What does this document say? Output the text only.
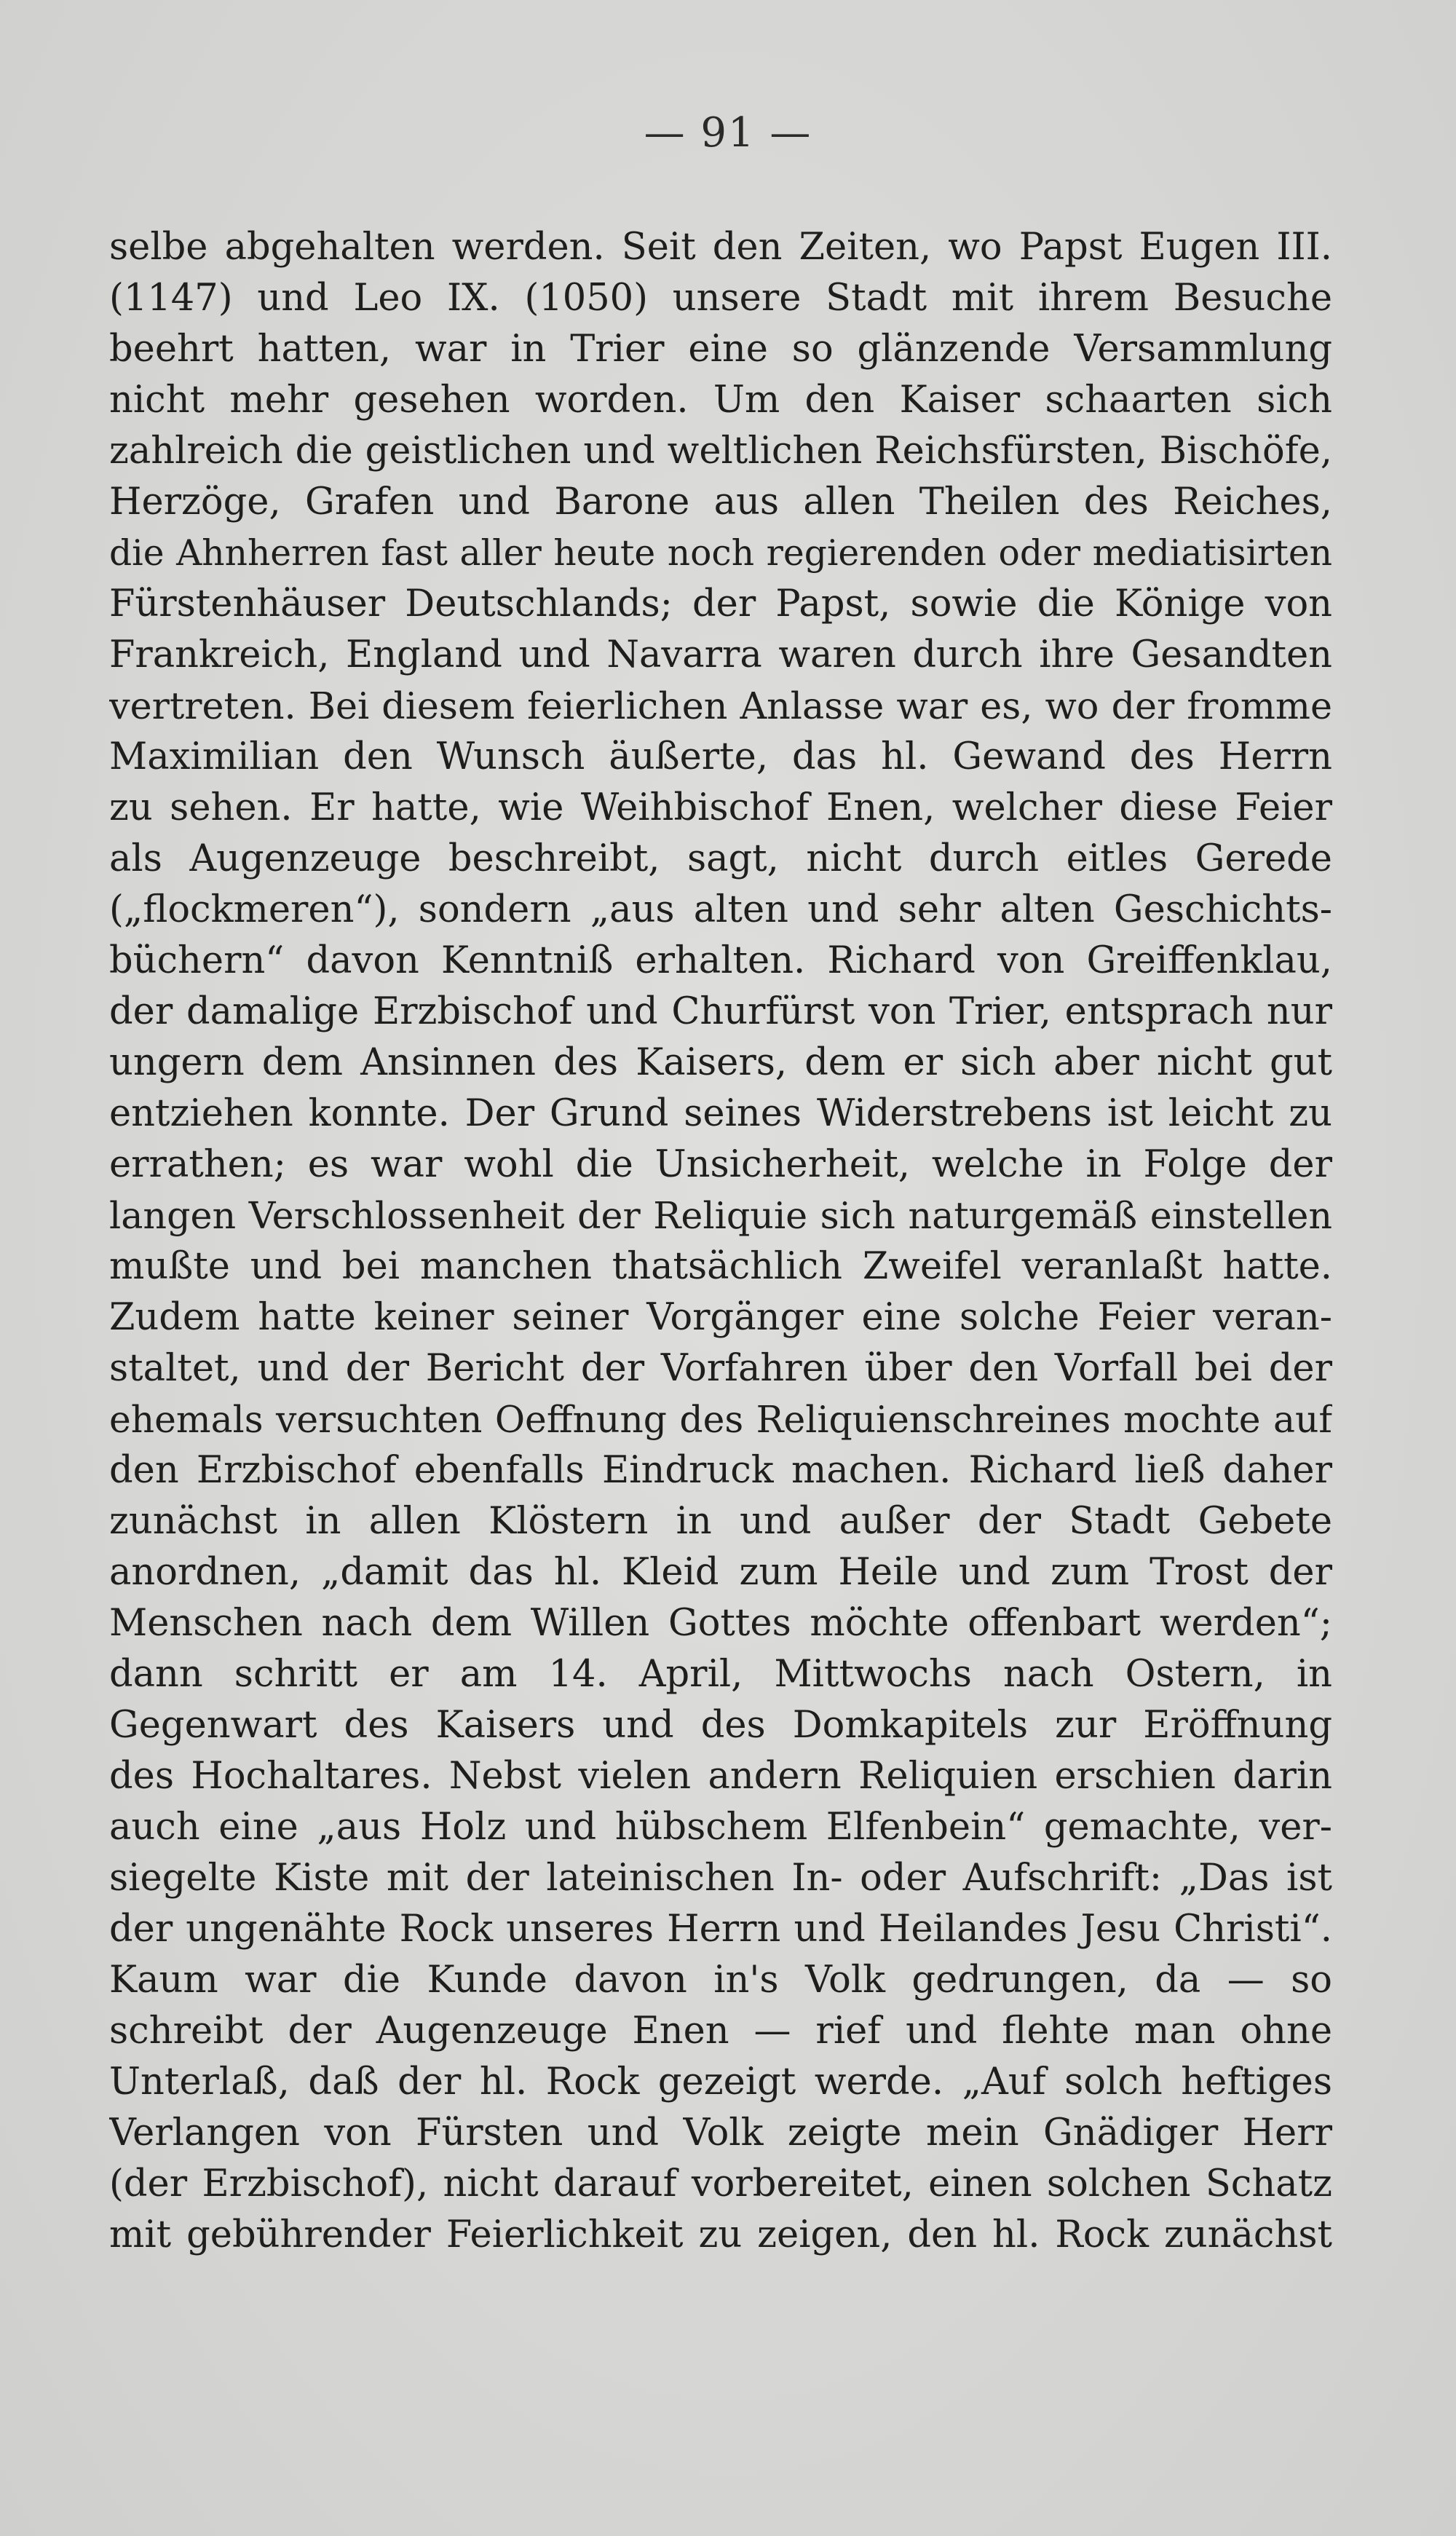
— 91 —
selbe abgehalten werden. Seit den Zeiten, wo Papst Eugen III.
(1147) und Leo IX. (1050) unsere Stadt mit ihrem Besuche
beehrt hatten, war in Trier eine so glänzende Versammlung
nicht mehr gesehen worden. Um den Kaiser schaarten sich
zahlreich die geistlichen und weltlichen Reichsfürsten, Bischöfe,
Herzöge, Grafen und Barone aus allen Theilen des Reiches,
die Ahnherren fast aller heute noch regierenden oder mediatisirten
Fürstenhäuser Deutschlands; der Papst, sowie die Könige von
Frankreich, England und Navarra waren durch ihre Gesandten
vertreten. Bei diesem feierlichen Anlasse war es, wo der fromme
Maximilian den Wunsch äußerte, das hl. Gewand des Herrn
zu sehen. Er hatte, wie Weihbischof Enen, welcher diese Feier
als Augenzeuge beschreibt, sagt, nicht durch eitles Gerede
(„flockmeren“), sondern „aus alten und sehr alten Geschichts-
büchern“ davon Kenntniß erhalten. Richard von Greiffenklau,
der damalige Erzbischof und Churfürst von Trier, entsprach nur
ungern dem Ansinnen des Kaisers, dem er sich aber nicht gut
entziehen konnte. Der Grund seines Widerstrebens ist leicht zu
errathen; es war wohl die Unsicherheit, welche in Folge der
langen Verschlossenheit der Reliquie sich naturgemäß einstellen
mußte und bei manchen thatsächlich Zweifel veranlaßt hatte.
Zudem hatte keiner seiner Vorgänger eine solche Feier veran-
staltet, und der Bericht der Vorfahren über den Vorfall bei der
ehemals versuchten Oeffnung des Reliquienschreines mochte auf
den Erzbischof ebenfalls Eindruck machen. Richard ließ daher
zunächst in allen Klöstern in und außer der Stadt Gebete
anordnen, „damit das hl. Kleid zum Heile und zum Trost der
Menschen nach dem Willen Gottes möchte offenbart werden“;
dann schritt er am 14. April, Mittwochs nach Ostern, in
Gegenwart des Kaisers und des Domkapitels zur Eröffnung
des Hochaltares. Nebst vielen andern Reliquien erschien darin
auch eine „aus Holz und hübschem Elfenbein“ gemachte, ver-
siegelte Kiste mit der lateinischen In- oder Aufschrift: „Das ist
der ungenähte Rock unseres Herrn und Heilandes Jesu Christi“.
Kaum war die Kunde davon in's Volk gedrungen, da — so
schreibt der Augenzeuge Enen — rief und flehte man ohne
Unterlaß, daß der hl. Rock gezeigt werde. „Auf solch heftiges
Verlangen von Fürsten und Volk zeigte mein Gnädiger Herr
(der Erzbischof), nicht darauf vorbereitet, einen solchen Schatz
mit gebührender Feierlichkeit zu zeigen, den hl. Rock zunächst
